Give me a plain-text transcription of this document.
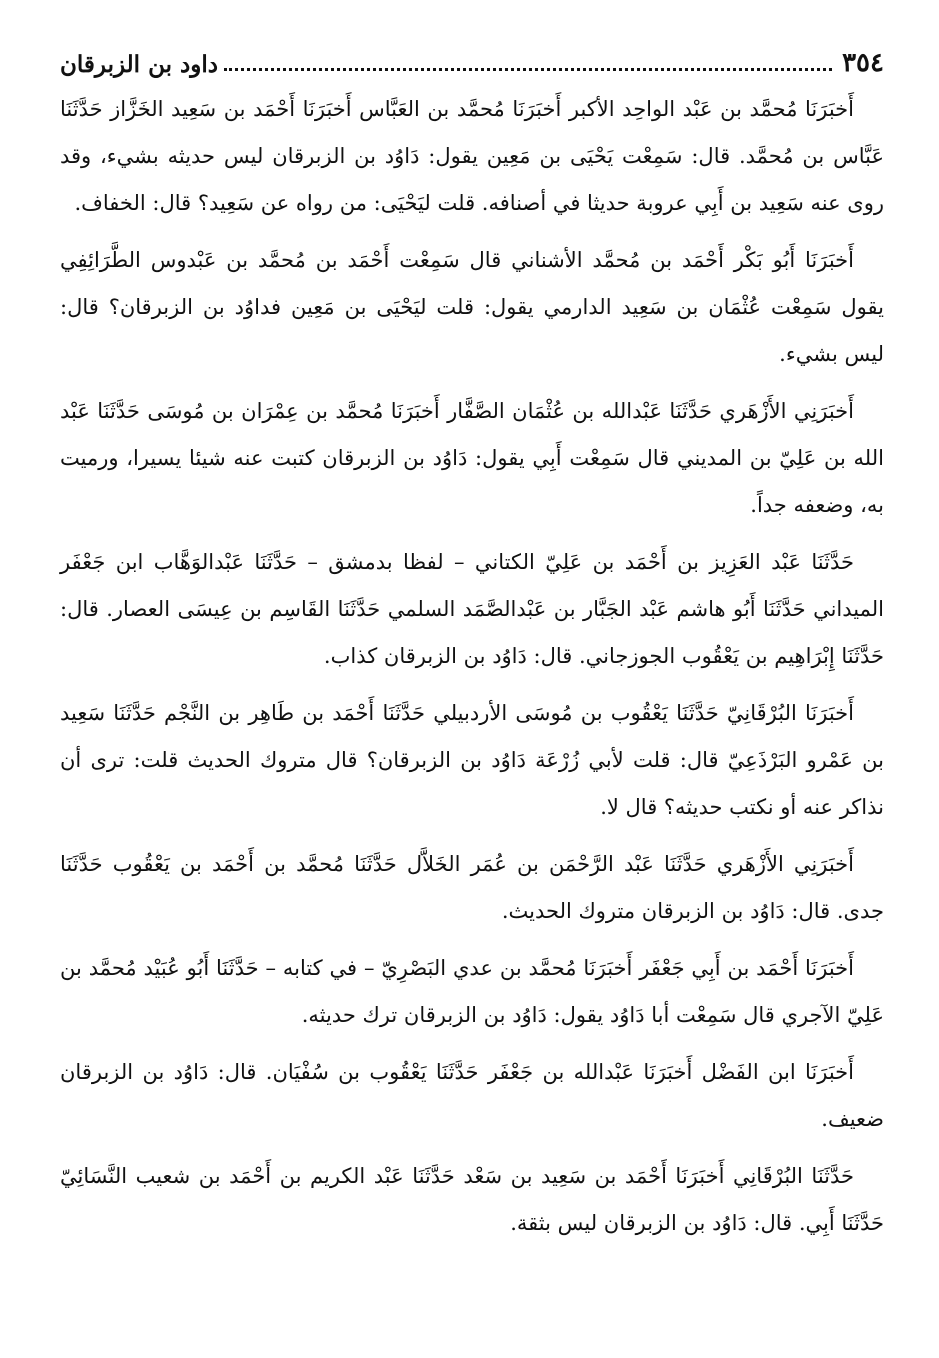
٣٥٤
داود بن الزبرقان

أَخبَرَنَا مُحمَّد بن عَبْد الواحِد الأكبر أَخبَرَنَا مُحمَّد بن العَبَّاس أَخبَرَنَا أَحْمَد بن سَعِيد الخَزَّاز حَدَّثَنَا عَبَّاس بن مُحمَّد. قال: سَمِعْت يَحْيَى بن مَعِين يقول: دَاوُد بن الزبرقان ليس حديثه بشيء، وقد روى عنه سَعِيد بن أَبِي عروبة حديثا في أصنافه. قلت ليَحْيَى: من رواه عن سَعِيد؟ قال: الخفاف.

أَخبَرَنَا أَبُو بَكْر أَحْمَد بن مُحمَّد الأشناني قال سَمِعْت أَحْمَد بن مُحمَّد بن عَبْدوس الطَّرَائِفِي يقول سَمِعْت عُثْمَان بن سَعِيد الدارمي يقول: قلت ليَحْيَى بن مَعِين فداوُد بن الزبرقان؟ قال: ليس بشيء.

أَخبَرَنِي الأَزْهَري حَدَّثَنَا عَبْدالله بن عُثْمَان الصَّفَّار أَخبَرَنَا مُحمَّد بن عِمْرَان بن مُوسَى حَدَّثَنَا عَبْد الله بن عَلِيّ بن المديني قال سَمِعْت أَبِي يقول: دَاوُد بن الزبرقان كتبت عنه شيئا يسيرا، ورميت به، وضعفه جداً.

حَدَّثَنَا عَبْد العَزِيز بن أَحْمَد بن عَلِيّ الكتاني – لفظا بدمشق – حَدَّثَنَا عَبْدالوَهَّاب ابن جَعْفَر الميداني حَدَّثَنَا أَبُو هاشم عَبْد الجَبَّار بن عَبْدالصَّمَد السلمي حَدَّثَنَا القَاسِم بن عِيسَى العصار. قال: حَدَّثَنَا إِبْرَاهِيم بن يَعْقُوب الجوزجاني. قال: دَاوُد بن الزبرقان كذاب.

أَخبَرَنَا البُرْقَانِيّ حَدَّثَنَا يَعْقُوب بن مُوسَى الأردبيلي حَدَّثَنَا أَحْمَد بن طَاهِر بن النَّجْم حَدَّثَنَا سَعِيد بن عَمْرو البَرْذَعِيّ قال: قلت لأبي زُرْعَة دَاوُد بن الزبرقان؟ قال متروك الحديث قلت: ترى أن نذاكر عنه أو نكتب حديثه؟ قال لا.

أَخبَرَنِي الأَزْهَري حَدَّثَنَا عَبْد الرَّحْمَن بن عُمَر الخَلاَّل حَدَّثَنَا مُحمَّد بن أَحْمَد بن يَعْقُوب حَدَّثَنَا جدى. قال: دَاوُد بن الزبرقان متروك الحديث.

أَخبَرَنَا أَحْمَد بن أَبِي جَعْفَر أَخبَرَنَا مُحمَّد بن عدي البَصْرِيّ – في كتابه – حَدَّثَنَا أَبُو عُبَيْد مُحمَّد بن عَلِيّ الآجري قال سَمِعْت أبا دَاوُد يقول: دَاوُد بن الزبرقان ترك حديثه.

أَخبَرَنَا ابن الفَضْل أَخبَرَنَا عَبْدالله بن جَعْفَر حَدَّثَنَا يَعْقُوب بن سُفْيَان. قال: دَاوُد بن الزبرقان ضعيف.

حَدَّثَنَا البُرْقَانِي أَخبَرَنَا أَحْمَد بن سَعِيد بن سَعْد حَدَّثَنَا عَبْد الكريم بن أَحْمَد بن شعيب النَّسَائِيّ حَدَّثَنَا أَبِي. قال: دَاوُد بن الزبرقان ليس بثقة.
